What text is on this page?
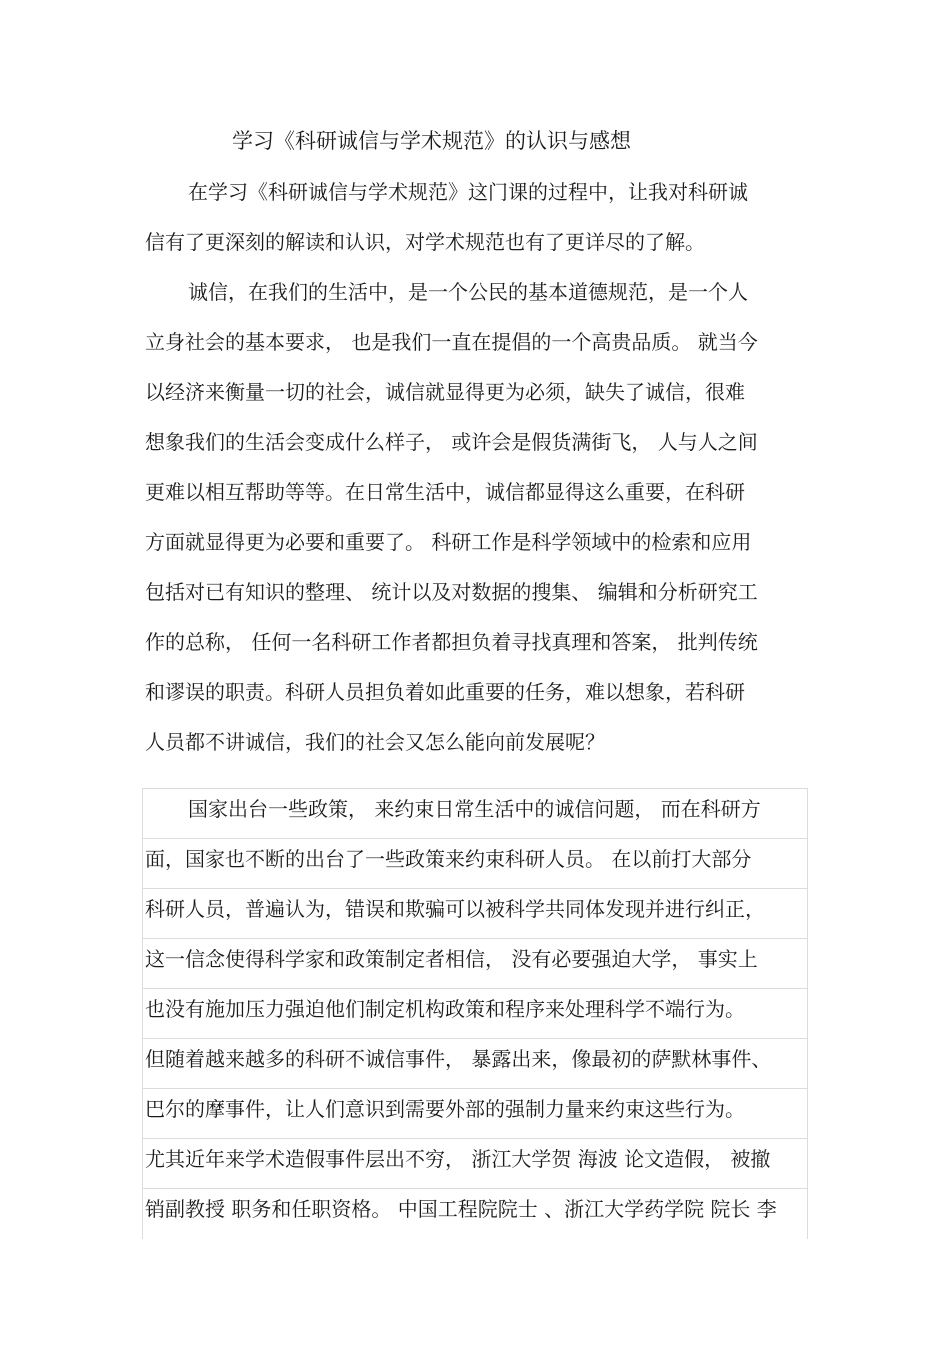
学习《科研诚信与学术规范》的认识与感想
在学习《科研诚信与学术规范》这门课的过程中，让我对科研诚
信有了更深刻的解读和认识，对学术规范也有了更详尽的了解。
诚信，在我们的生活中，是一个公民的基本道德规范，是一个人
立身社会的基本要求， 也是我们一直在提倡的一个高贵品质。 就当今
以经济来衡量一切的社会，诚信就显得更为必须，缺失了诚信，很难
想象我们的生活会变成什么样子， 或许会是假货满街飞， 人与人之间
更难以相互帮助等等。在日常生活中，诚信都显得这么重要，在科研
方面就显得更为必要和重要了。 科研工作是科学领域中的检索和应用
包括对已有知识的整理、 统计以及对数据的搜集、 编辑和分析研究工
作的总称， 任何一名科研工作者都担负着寻找真理和答案， 批判传统
和谬误的职责。科研人员担负着如此重要的任务，难以想象，若科研
人员都不讲诚信，我们的社会又怎么能向前发展呢？
国家出台一些政策， 来约束日常生活中的诚信问题， 而在科研方
面，国家也不断的出台了一些政策来约束科研人员。 在以前打大部分
科研人员，普遍认为，错误和欺骗可以被科学共同体发现并进行纠正，
这一信念使得科学家和政策制定者相信， 没有必要强迫大学， 事实上
也没有施加压力强迫他们制定机构政策和程序来处理科学不端行为。
但随着越来越多的科研不诚信事件， 暴露出来，像最初的萨默林事件、
巴尔的摩事件，让人们意识到需要外部的强制力量来约束这些行为。
尤其近年来学术造假事件层出不穷， 浙江大学贺 海波 论文造假， 被撤
销副教授 职务和任职资格。 中国工程院院士 、浙江大学药学院 院长 李
